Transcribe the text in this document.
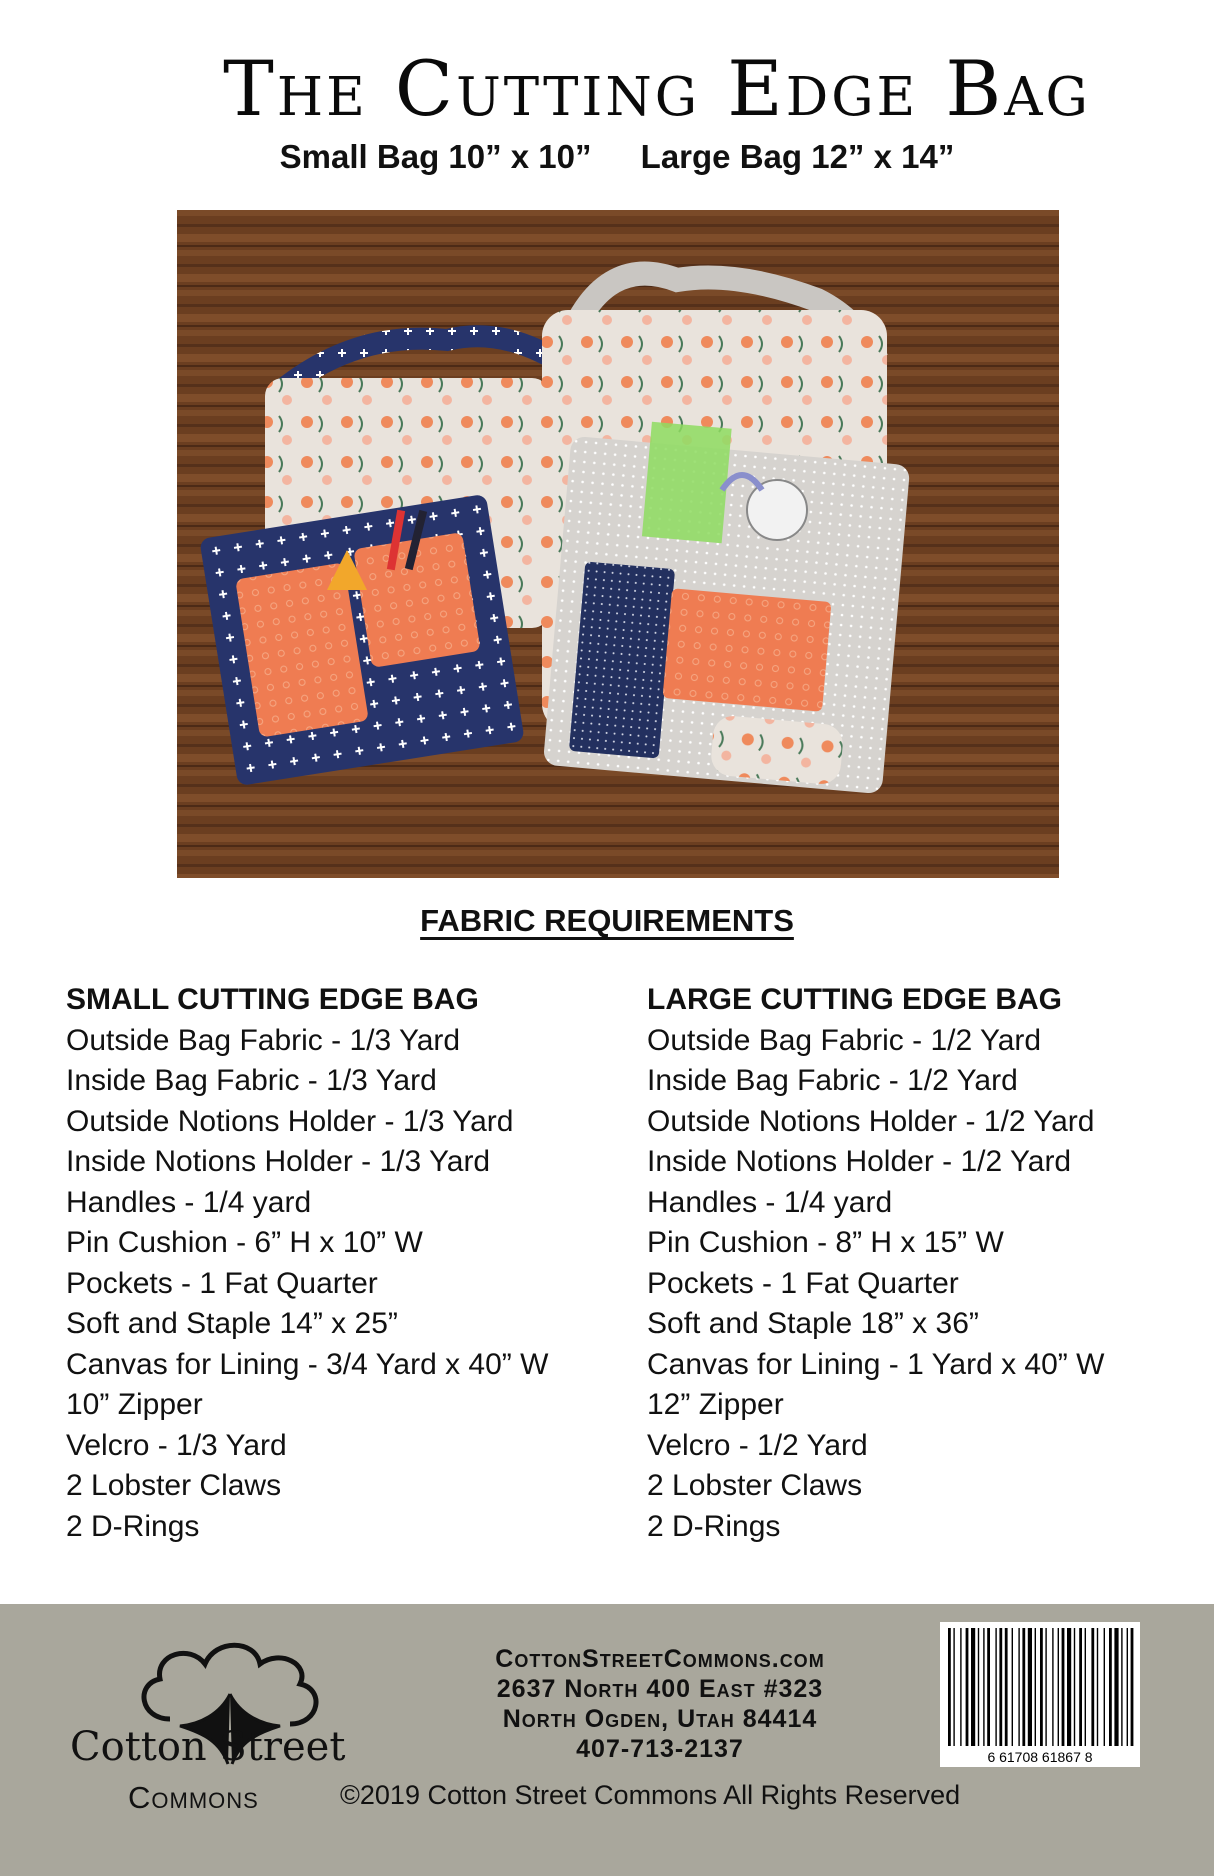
The Cutting Edge Bag
Small Bag 10” x 10” Large Bag 12” x 14”
FABRIC REQUIREMENTS
SMALL CUTTING EDGE BAG
Outside Bag Fabric - 1/3 Yard
Inside Bag Fabric - 1/3 Yard
Outside Notions Holder - 1/3 Yard
Inside Notions Holder - 1/3 Yard
Handles - 1/4 yard
Pin Cushion - 6” H x 10” W
Pockets - 1 Fat Quarter
Soft and Staple 14” x 25”
Canvas for Lining - 3/4 Yard x 40” W
10” Zipper
Velcro - 1/3 Yard
2 Lobster Claws
2 D-Rings
LARGE CUTTING EDGE BAG
Outside Bag Fabric - 1/2 Yard
Inside Bag Fabric - 1/2 Yard
Outside Notions Holder - 1/2 Yard
Inside Notions Holder - 1/2 Yard
Handles - 1/4 yard
Pin Cushion - 8” H x 15” W
Pockets - 1 Fat Quarter
Soft and Staple 18” x 36”
Canvas for Lining - 1 Yard x 40” W
12” Zipper
Velcro - 1/2 Yard
2 Lobster Claws
2 D-Rings
Cotton Street
Commons
CottonStreetCommons.com
2637 North 400 East #323
North Ogden, Utah 84414
407-713-2137
©2019 Cotton Street Commons All Rights Reserved
6 61708 61867 8
